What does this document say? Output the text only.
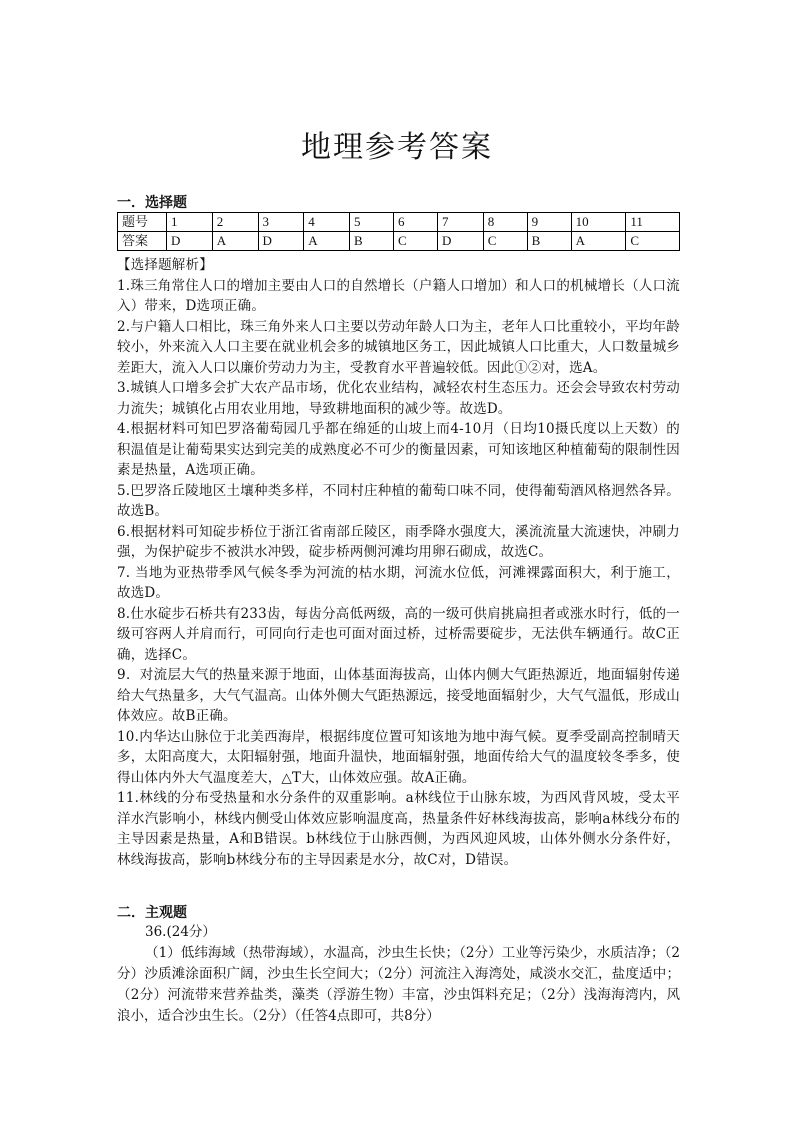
地理参考答案
一．选择题
题号	1	2	3	4	5	6	7	8	9	10	11
答案	D	A	D	A	B	C	D	C	B	A	C

【选择题解析】

1.珠三角常住人口的增加主要由人口的自然增长（户籍人口增加）和人口的机械增长（人口流入）带来，D选项正确。

2.与户籍人口相比，珠三角外来人口主要以劳动年龄人口为主，老年人口比重较小，平均年龄较小，外来流入人口主要在就业机会多的城镇地区务工，因此城镇人口比重大，人口数量城乡差距大，流入人口以廉价劳动力为主，受教育水平普遍较低。因此①②对，选A。

3.城镇人口增多会扩大农产品市场，优化农业结构，减轻农村生态压力。还会会导致农村劳动力流失；城镇化占用农业用地，导致耕地面积的减少等。故选D。

4.根据材料可知巴罗洛葡萄园几乎都在绵延的山坡上而4-10月（日均10摄氏度以上天数）的积温值是让葡萄果实达到完美的成熟度必不可少的衡量因素，可知该地区种植葡萄的限制性因素是热量，A选项正确。

5.巴罗洛丘陵地区土壤种类多样，不同村庄种植的葡萄口味不同，使得葡萄酒风格迥然各异。故选B。

6.根据材料可知碇步桥位于浙江省南部丘陵区，雨季降水强度大，溪流流量大流速快，冲刷力强，为保护碇步不被洪水冲毁，碇步桥两侧河滩均用卵石砌成，故选C。

7. 当地为亚热带季风气候冬季为河流的枯水期，河流水位低，河滩裸露面积大，利于施工，故选D。

8.仕水碇步石桥共有233齿，每齿分高低两级，高的一级可供肩挑扁担者或涨水时行，低的一级可容两人并肩而行，可同向行走也可面对面过桥，过桥需要碇步，无法供车辆通行。故C正确，选择C。

9．对流层大气的热量来源于地面，山体基面海拔高，山体内侧大气距热源近，地面辐射传递给大气热量多，大气气温高。山体外侧大气距热源远，接受地面辐射少，大气气温低，形成山体效应。故B正确。

10.内华达山脉位于北美西海岸，根据纬度位置可知该地为地中海气候。夏季受副高控制晴天多，太阳高度大，太阳辐射强，地面升温快，地面辐射强，地面传给大气的温度较冬季多，使得山体内外大气温度差大，△T大，山体效应强。故A正确。

11.林线的分布受热量和水分条件的双重影响。a林线位于山脉东坡，为西风背风坡，受太平洋水汽影响小，林线内侧受山体效应影响温度高，热量条件好林线海拔高，影响a林线分布的主导因素是热量，A和B错误。b林线位于山脉西侧，为西风迎风坡，山体外侧水分条件好，林线海拔高，影响b林线分布的主导因素是水分，故C对，D错误。

二．主观题

36.(24分）

（1）低纬海域（热带海域），水温高，沙虫生长快；（2分）工业等污染少，水质洁净；（2分）沙质滩涂面积广阔，沙虫生长空间大；（2分）河流注入海湾处，咸淡水交汇，盐度适中；（2分）河流带来营养盐类，藻类（浮游生物）丰富，沙虫饵料充足；（2分）浅海海湾内，风浪小，适合沙虫生长。（2分）（任答4点即可，共8分）
